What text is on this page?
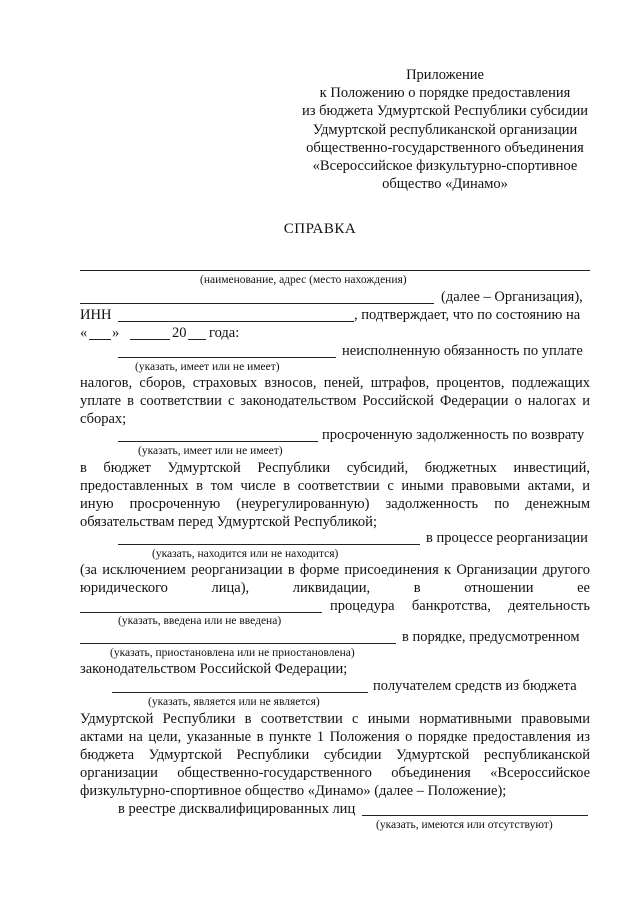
Приложение
к Положению о порядке предоставления
из бюджета Удмуртской Республики субсидии
Удмуртской республиканской организации
общественно-государственного объединения
«Всероссийское физкультурно-спортивное
общество «Динамо»
СПРАВКА
(наименование, адрес (место нахождения)
(далее – Организация),
ИНН	, подтверждает, что по состоянию на
« »	20 года:
неисполненную обязанность по уплате
(указать, имеет или не имеет)
налогов, сборов, страховых взносов, пеней, штрафов, процентов, подлежащих
уплате в соответствии с законодательством Российской Федерации о налогах и
сборах;
просроченную задолженность по возврату
(указать, имеет или не имеет)
в бюджет Удмуртской Республики субсидий, бюджетных инвестиций,
предоставленных в том числе в соответствии с иными правовыми актами, и
иную просроченную (неурегулированную) задолженность по денежным
обязательствам перед Удмуртской Республикой;
в процессе реорганизации
(указать, находится или не находится)
(за исключением реорганизации в форме присоединения к Организации другого
юридического лица), ликвидации, в отношении ее
процедура банкротства, деятельность
(указать, введена или не введена)
в порядке, предусмотренном
(указать, приостановлена или не приостановлена)
законодательством Российской Федерации;
получателем средств из бюджета
(указать, является или не является)
Удмуртской Республики в соответствии с иными нормативными правовыми
актами на цели, указанные в пункте 1 Положения о порядке предоставления из
бюджета Удмуртской Республики субсидии Удмуртской республиканской
организации общественно-государственного объединения «Всероссийское
физкультурно-спортивное общество «Динамо» (далее – Положение);
в реестре дисквалифицированных лиц
(указать, имеются или отсутствуют)
